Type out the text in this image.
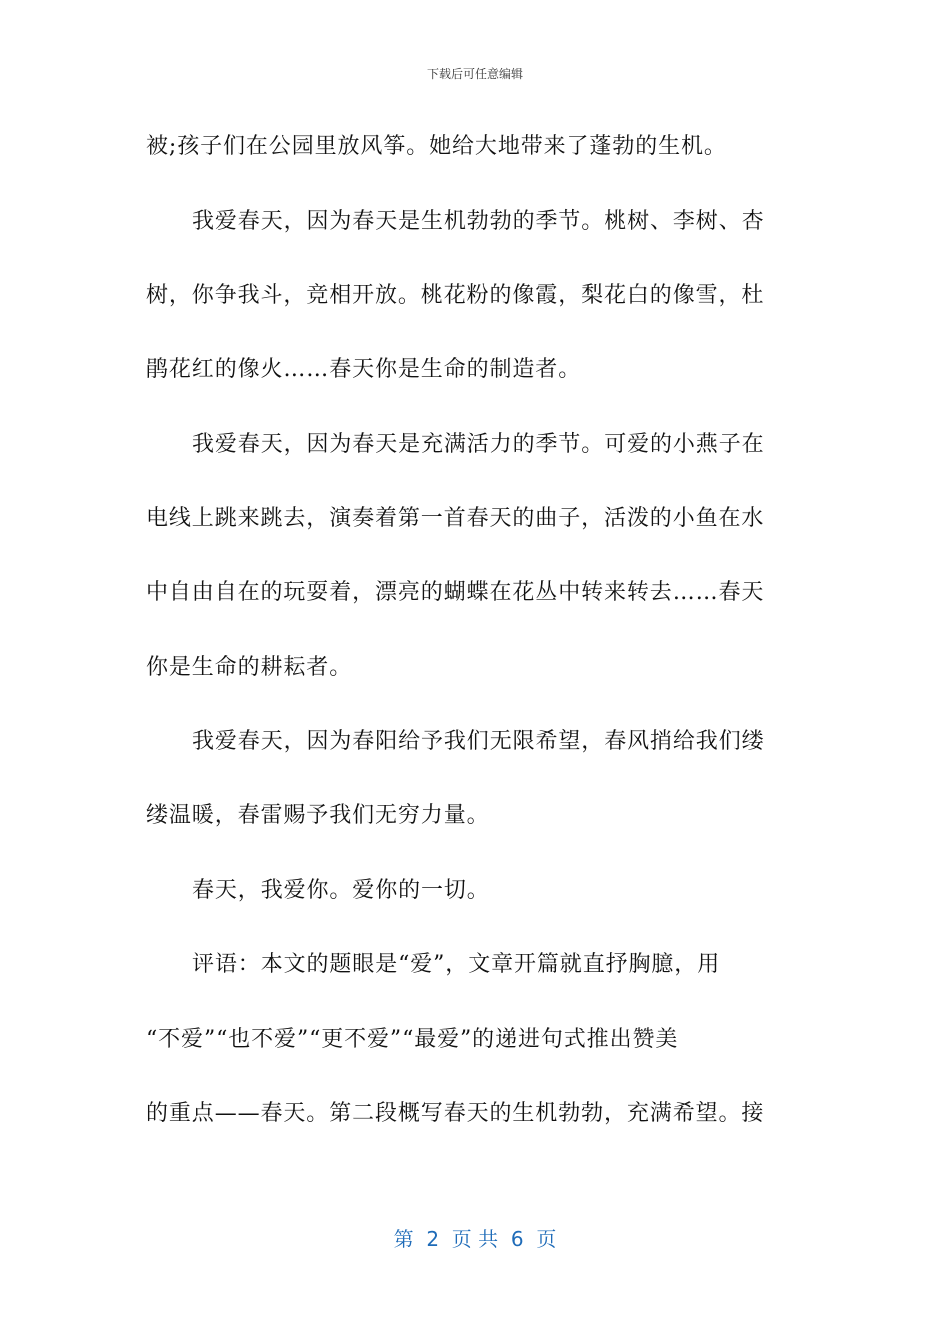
下载后可任意编辑
被;孩子们在公园里放风筝。她给大地带来了蓬勃的生机。
我爱春天，因为春天是生机勃勃的季节。桃树、李树、杏
树，你争我斗，竞相开放。桃花粉的像霞，梨花白的像雪，杜
鹃花红的像火……春天你是生命的制造者。
我爱春天，因为春天是充满活力的季节。可爱的小燕子在
电线上跳来跳去，演奏着第一首春天的曲子，活泼的小鱼在水
中自由自在的玩耍着，漂亮的蝴蝶在花丛中转来转去……春天
你是生命的耕耘者。
我爱春天，因为春阳给予我们无限希望，春风捎给我们缕
缕温暖，春雷赐予我们无穷力量。
春天，我爱你。爱你的一切。
评语：本文的题眼是“爱”，文章开篇就直抒胸臆，用
“不爱”“也不爱”“更不爱”“最爱”的递进句式推出赞美
的重点——春天。第二段概写春天的生机勃勃，充满希望。接
第  2  页 共  6  页
